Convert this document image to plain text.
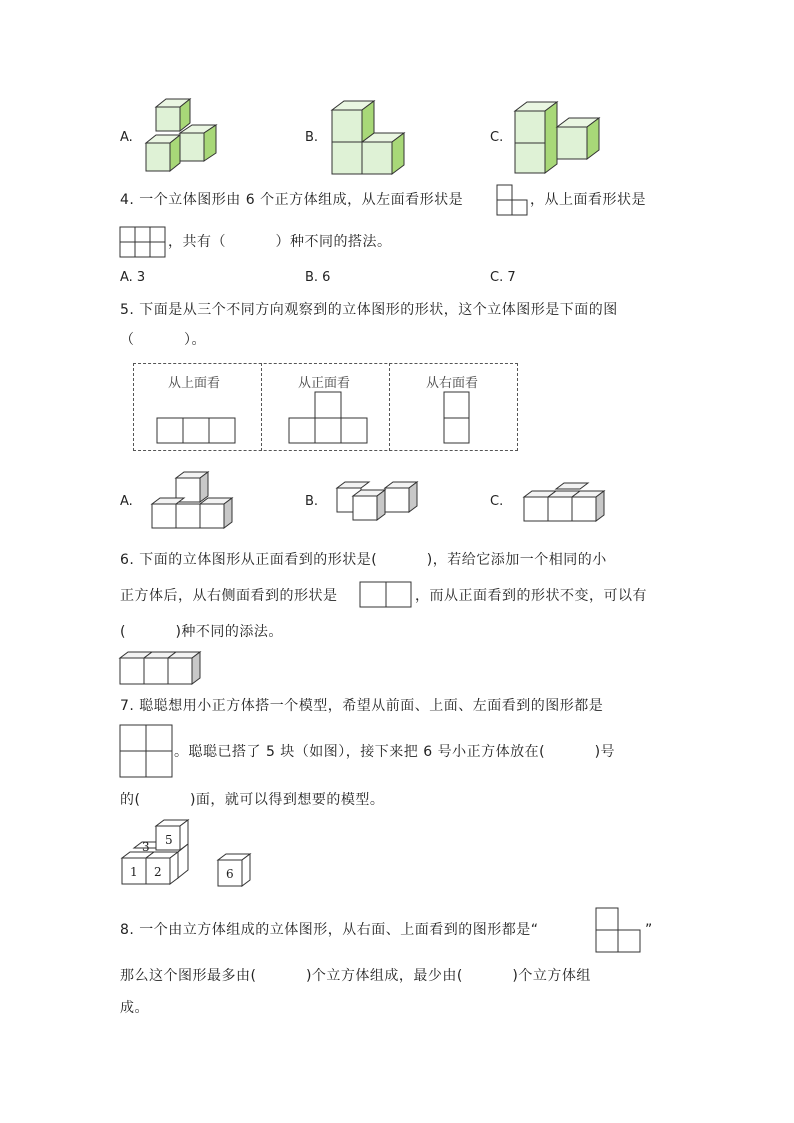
A.	B.	C.
4. 一个立体图形由 6 个正方体组成，从左面看形状是	，从上面看形状是
，共有（          ）种不同的搭法。
A. 3	B. 6	C. 7
5. 下面是从三个不同方向观察到的立体图形的形状，这个立体图形是下面的图
（          ）。
从上面看	从正面看	从右面看
A.	B.	C.
6. 下面的立体图形从正面看到的形状是(          )，若给它添加一个相同的小
正方体后，从右侧面看到的形状是	，而从正面看到的形状不变，可以有
(          )种不同的添法。
7. 聪聪想用小正方体搭一个模型，希望从前面、上面、左面看到的图形都是
。聪聪已搭了 5 块（如图），接下来把 6 号小正方体放在(          )号
的(          )面，就可以得到想要的模型。
1 2
3 5
6
8. 一个由立方体组成的立体图形，从右面、上面看到的图形都是“	”
那么这个图形最多由(          )个立方体组成，最少由(          )个立方体组
成。
